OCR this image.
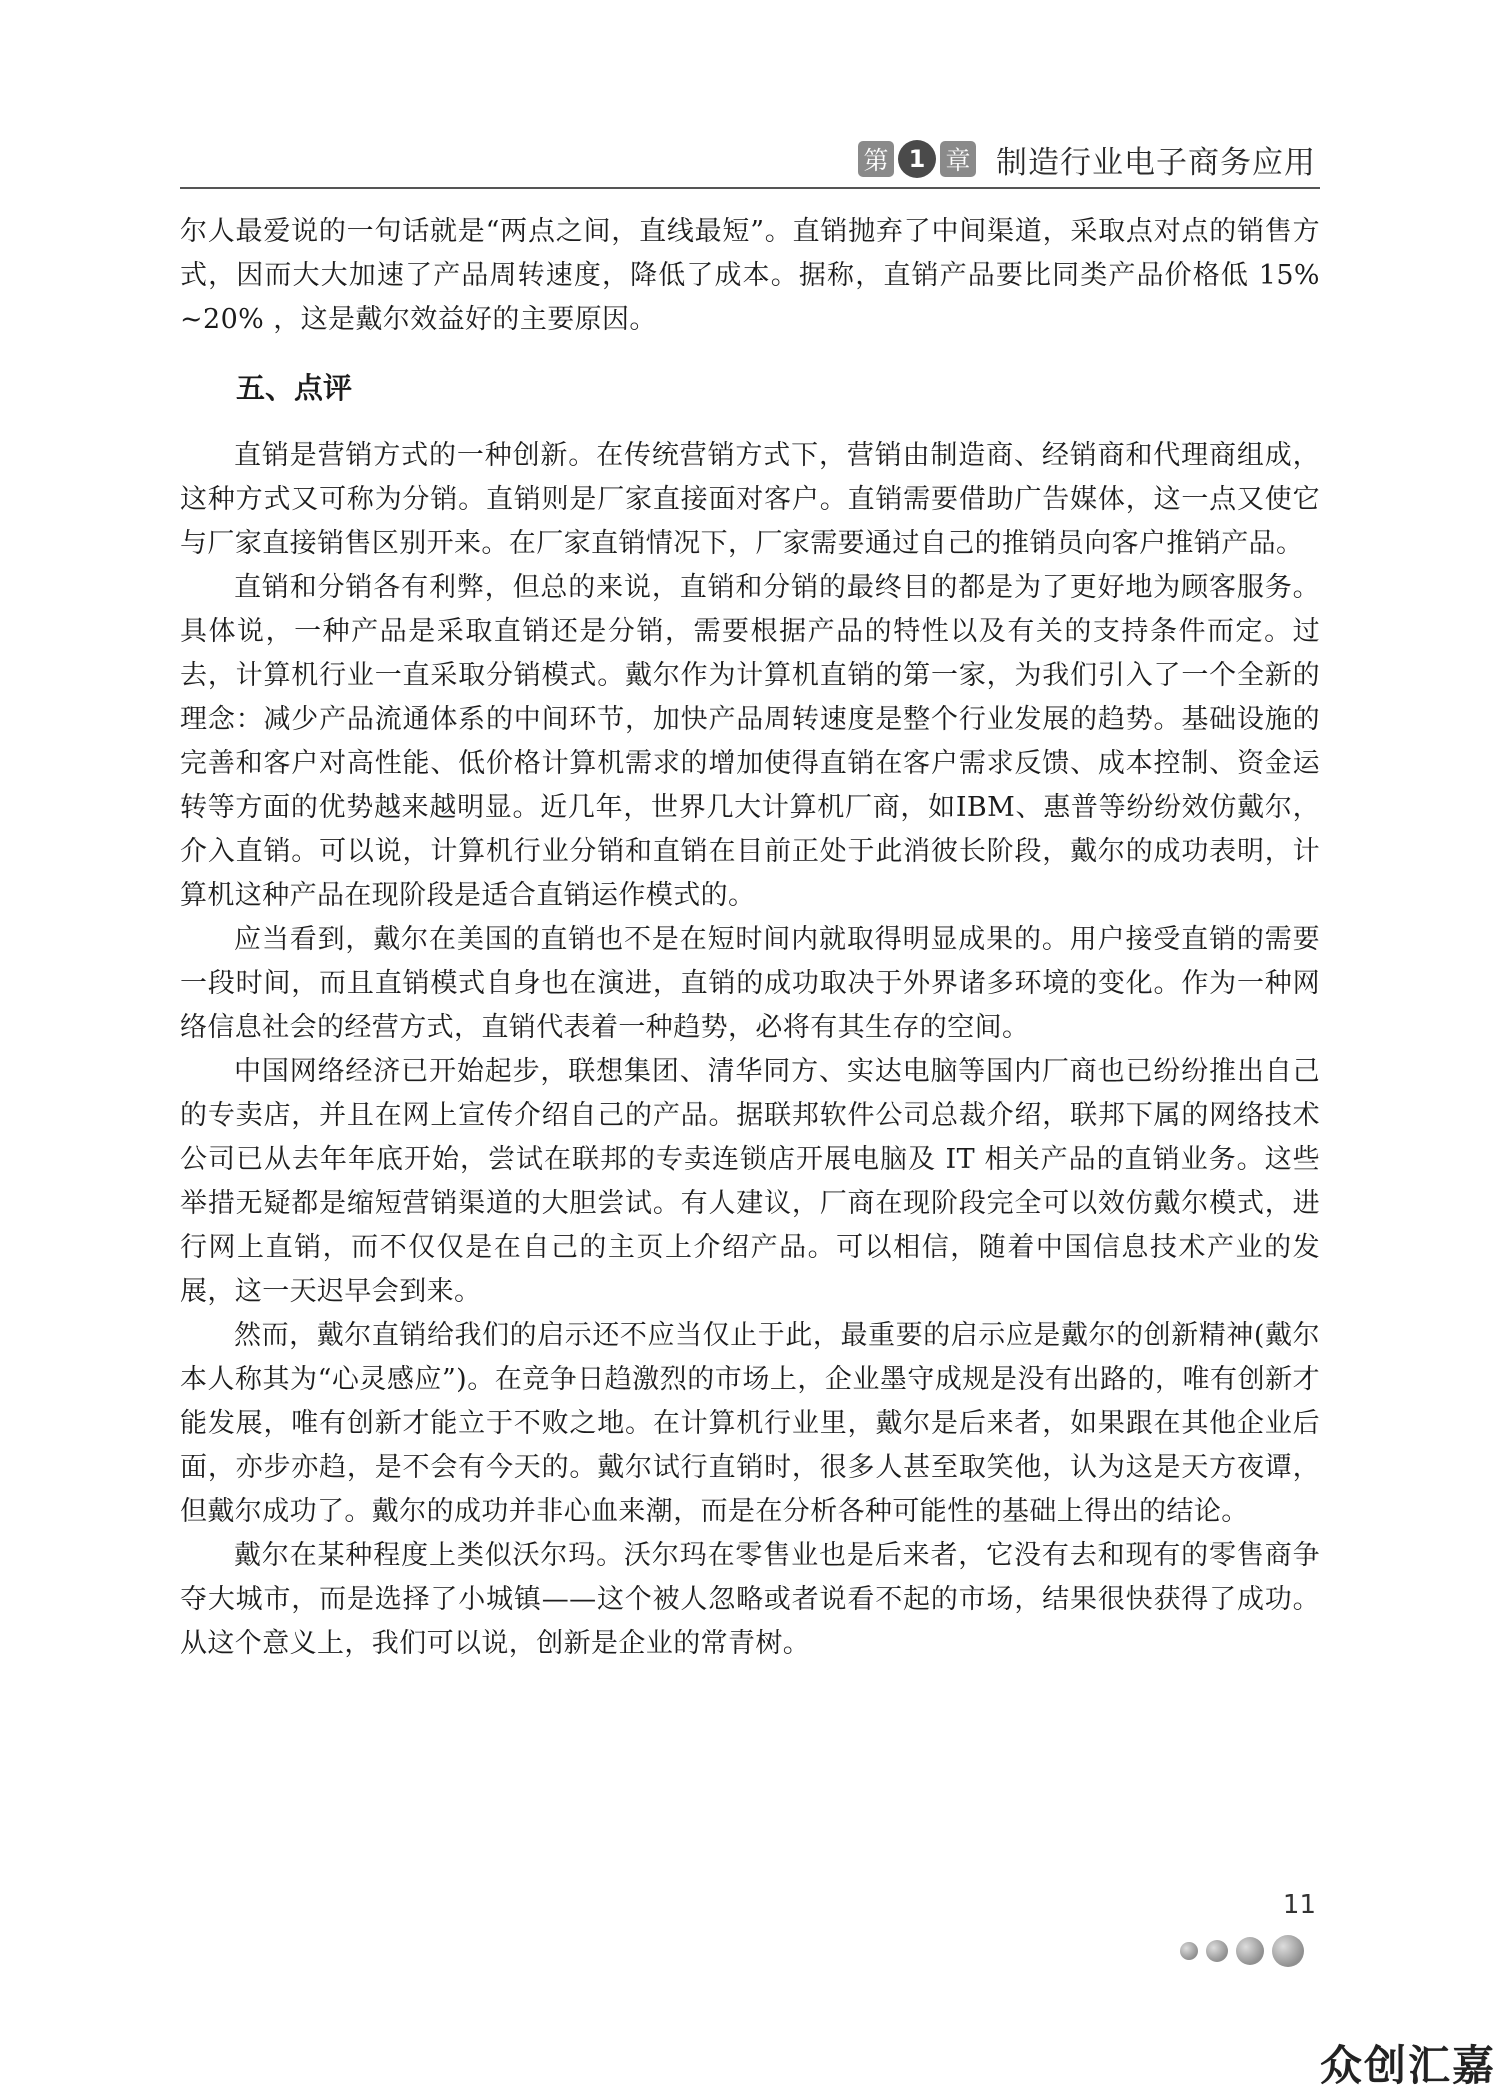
第 1 章 制造行业电子商务应用

尔人最爱说的一句话就是“两点之间，直线最短”。直销抛弃了中间渠道，采取点对点的销售方式，因而大大加速了产品周转速度，降低了成本。据称，直销产品要比同类产品价格低 15% ~20% ，这是戴尔效益好的主要原因。

五、点评

直销是营销方式的一种创新。在传统营销方式下，营销由制造商、经销商和代理商组成，这种方式又可称为分销。直销则是厂家直接面对客户。直销需要借助广告媒体，这一点又使它与厂家直接销售区别开来。在厂家直销情况下，厂家需要通过自己的推销员向客户推销产品。

直销和分销各有利弊，但总的来说，直销和分销的最终目的都是为了更好地为顾客服务。具体说，一种产品是采取直销还是分销，需要根据产品的特性以及有关的支持条件而定。过去，计算机行业一直采取分销模式。戴尔作为计算机直销的第一家，为我们引入了一个全新的理念：减少产品流通体系的中间环节，加快产品周转速度是整个行业发展的趋势。基础设施的完善和客户对高性能、低价格计算机需求的增加使得直销在客户需求反馈、成本控制、资金运转等方面的优势越来越明显。近几年，世界几大计算机厂商，如IBM、惠普等纷纷效仿戴尔，介入直销。可以说，计算机行业分销和直销在目前正处于此消彼长阶段，戴尔的成功表明，计算机这种产品在现阶段是适合直销运作模式的。

应当看到，戴尔在美国的直销也不是在短时间内就取得明显成果的。用户接受直销的需要一段时间，而且直销模式自身也在演进，直销的成功取决于外界诸多环境的变化。作为一种网络信息社会的经营方式，直销代表着一种趋势，必将有其生存的空间。

中国网络经济已开始起步，联想集团、清华同方、实达电脑等国内厂商也已纷纷推出自己的专卖店，并且在网上宣传介绍自己的产品。据联邦软件公司总裁介绍，联邦下属的网络技术公司已从去年年底开始，尝试在联邦的专卖连锁店开展电脑及 IT 相关产品的直销业务。这些举措无疑都是缩短营销渠道的大胆尝试。有人建议，厂商在现阶段完全可以效仿戴尔模式，进行网上直销，而不仅仅是在自己的主页上介绍产品。可以相信，随着中国信息技术产业的发展，这一天迟早会到来。

然而，戴尔直销给我们的启示还不应当仅止于此，最重要的启示应是戴尔的创新精神(戴尔本人称其为“心灵感应”)。在竞争日趋激烈的市场上，企业墨守成规是没有出路的，唯有创新才能发展，唯有创新才能立于不败之地。在计算机行业里，戴尔是后来者，如果跟在其他企业后面，亦步亦趋，是不会有今天的。戴尔试行直销时，很多人甚至取笑他，认为这是天方夜谭，但戴尔成功了。戴尔的成功并非心血来潮，而是在分析各种可能性的基础上得出的结论。

戴尔在某种程度上类似沃尔玛。沃尔玛在零售业也是后来者，它没有去和现有的零售商争夺大城市，而是选择了小城镇——这个被人忽略或者说看不起的市场，结果很快获得了成功。从这个意义上，我们可以说，创新是企业的常青树。

11
众创汇嘉
